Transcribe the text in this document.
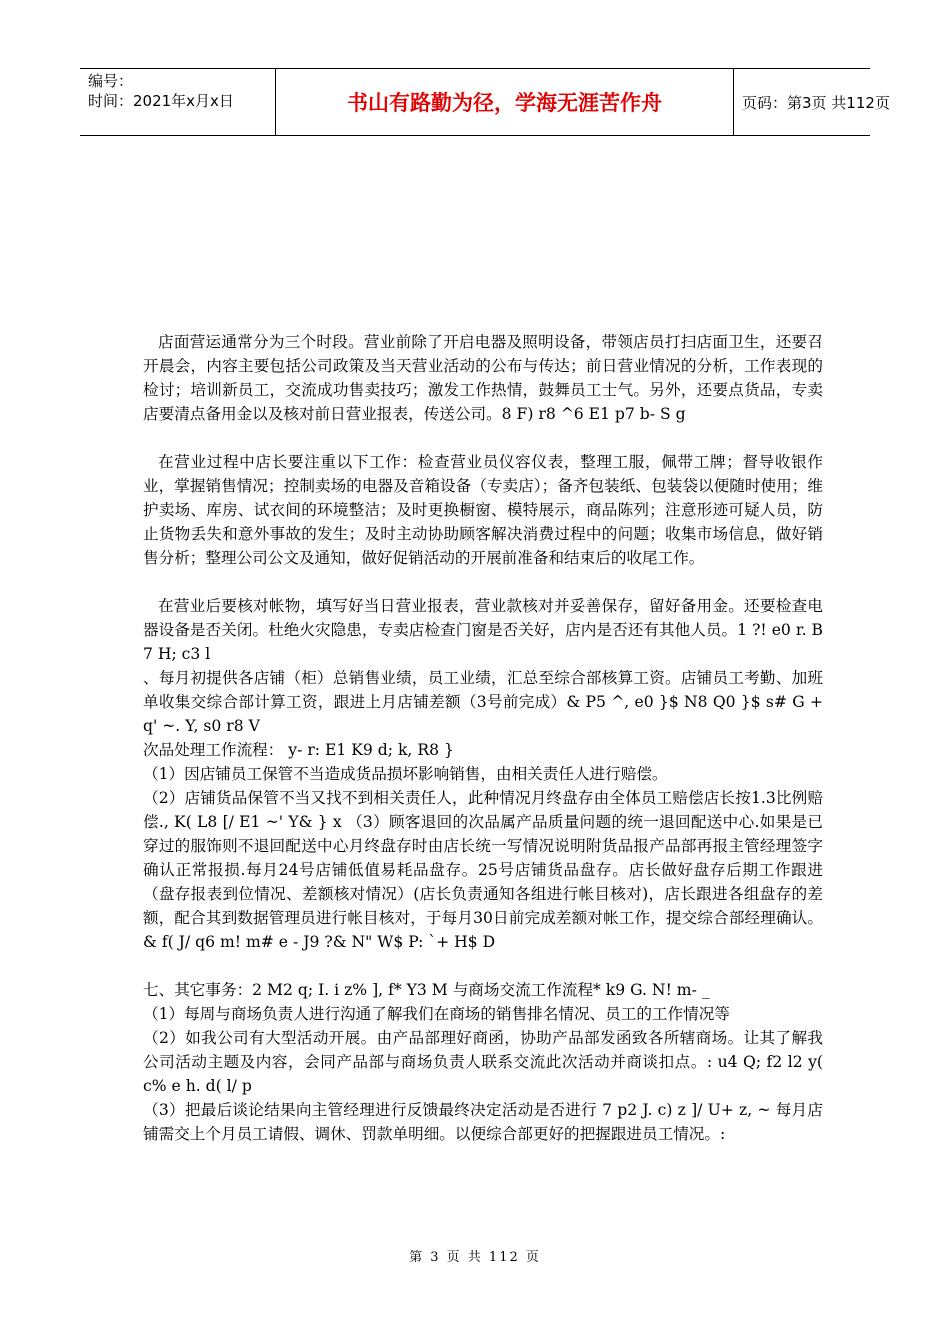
编号：
时间：2021年x月x日	书山有路勤为径，学海无涯苦作舟	页码：第3页 共112页

店面营运通常分为三个时段。营业前除了开启电器及照明设备，带领店员打扫店面卫生，还要召开晨会，内容主要包括公司政策及当天营业活动的公布与传达；前日营业情况的分析，工作表现的检讨；培训新员工，交流成功售卖技巧；激发工作热情，鼓舞员工士气。另外，还要点货品，专卖店要清点备用金以及核对前日营业报表，传送公司。8 F) r8 ^6 E1 p7 b- S g

在营业过程中店长要注重以下工作：检查营业员仪容仪表，整理工服，佩带工牌；督导收银作业，掌握销售情况；控制卖场的电器及音箱设备（专卖店）；备齐包装纸、包装袋以便随时使用；维护卖场、库房、试衣间的环境整洁；及时更换橱窗、模特展示，商品陈列；注意形迹可疑人员，防止货物丢失和意外事故的发生；及时主动协助顾客解决消费过程中的问题；收集市场信息，做好销售分析；整理公司公文及通知，做好促销活动的开展前准备和结束后的收尾工作。

在营业后要核对帐物，填写好当日营业报表，营业款核对并妥善保存，留好备用金。还要检查电器设备是否关闭。杜绝火灾隐患，专卖店检查门窗是否关好，店内是否还有其他人员。1 ?! e0 r. B7 H; c3 l

、每月初提供各店铺（柜）总销售业绩，员工业绩，汇总至综合部核算工资。店铺员工考勤、加班单收集交综合部计算工资，跟进上月店铺差额（3号前完成）& P5 ^, e0 }$ N8 Q0 }$ s# G + q' ~. Y, s0 r8 V

次品处理工作流程： y- r: E1 K9 d; k, R8 }

（1）因店铺员工保管不当造成货品损坏影响销售，由相关责任人进行赔偿。

（2）店铺货品保管不当又找不到相关责任人，此种情况月终盘存由全体员工赔偿店长按1.3比例赔偿., K( L8 [/ E1 ~' Y& } x （3）顾客退回的次品属产品质量问题的统一退回配送中心.如果是已穿过的服饰则不退回配送中心月终盘存时由店长统一写情况说明附货品报产品部再报主管经理签字确认正常报损.每月24号店铺低值易耗品盘存。25号店铺货品盘存。店长做好盘存后期工作跟进（盘存报表到位情况、差额核对情况）(店长负责通知各组进行帐目核对)，店长跟进各组盘存的差额，配合其到数据管理员进行帐目核对，于每月30日前完成差额对帐工作，提交综合部经理确认。& f( J/ q6 m! m# e - J9 ?& N" W$ P: `+ H$ D

七、其它事务：2 M2 q; I. i z% ], f* Y3 M 与商场交流工作流程* k9 G. N! m- _

（1）每周与商场负责人进行沟通了解我们在商场的销售排名情况、员工的工作情况等

（2）如我公司有大型活动开展。由产品部理好商函，协助产品部发函致各所辖商场。让其了解我公司活动主题及内容，会同产品部与商场负责人联系交流此次活动并商谈扣点。: u4 Q; f2 l2 y( c% e h. d( l/ p

（3）把最后谈论结果向主管经理进行反馈最终决定活动是否进行 7 p2 J. c) z ]/ U+ z, ~ 每月店铺需交上个月员工请假、调休、罚款单明细。以便综合部更好的把握跟进员工情况。:

第 3 页 共 112 页
